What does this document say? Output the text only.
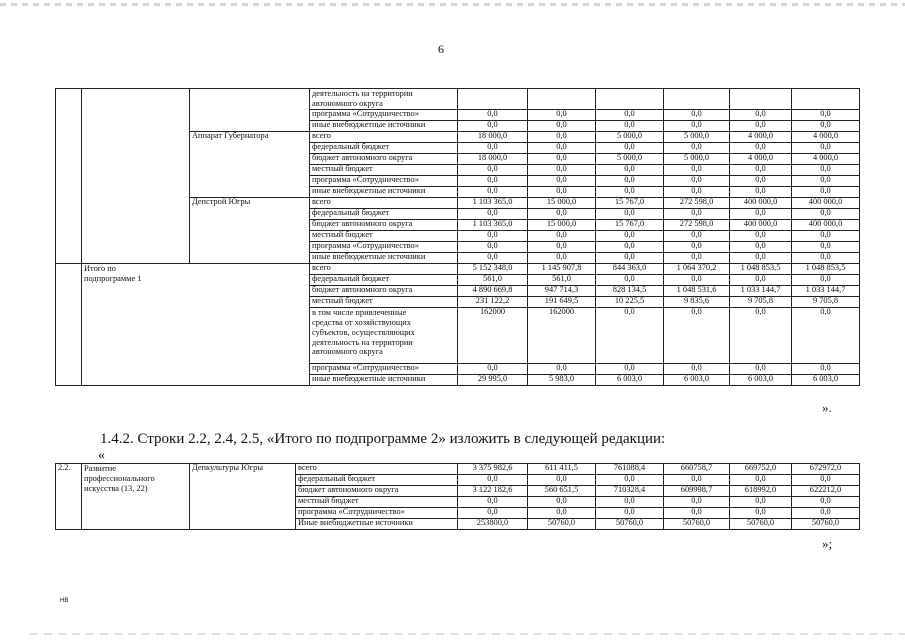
6
			деятельность на территории
автономного округа						
			программа «Сотрудничество»	0,0	0,0	0,0	0,0	0,0	0,0
			иные внебюджетные источники	0,0	0,0	0,0	0,0	0,0	0,0
		Аппарат Губернатора	всего	18 000,0	0,0	5 000,0	5 000,0	4 000,0	4 000,0
			федеральный бюджет	0,0	0,0	0,0	0,0	0,0	0,0
			бюджет автономного округа	18 000,0	0,0	5 000,0	5 000,0	4 000,0	4 000,0
			местный бюджет	0,0	0,0	0,0	0,0	0,0	0,0
			программа «Сотрудничество»	0,0	0,0	0,0	0,0	0,0	0,0
			иные внебюджетные источники	0,0	0,0	0,0	0,0	0,0	0,0
		Депстрой Югры	всего	1 103 365,0	15 000,0	15 767,0	272 598,0	400 000,0	400 000,0
			федеральный бюджет	0,0	0,0	0,0	0,0	0,0	0,0
			бюджет автономного округа	1 103 365,0	15 000,0	15 767,0	272 598,0	400 000,0	400 000,0
			местный бюджет	0,0	0,0	0,0	0,0	0,0	0,0
			программа «Сотрудничество»	0,0	0,0	0,0	0,0	0,0	0,0
			иные внебюджетные источники	0,0	0,0	0,0	0,0	0,0	0,0
	Итого по
подпрограмме 1		всего	5 152 348,0	1 145 907,8	844 363,0	1 064 370,2	1 048 853,5	1 048 853,5
			федеральный бюджет	561,0	561,0	0,0	0,0	0,0	0,0
			бюджет автономного округа	4 890 669,8	947 714,3	828 134,5	1 048 531,6	1 033 144,7	1 033 144,7
			местный бюджет	231 122,2	191 649,5	10 225,5	9 835,6	9 705,8	9 705,8
			в том числе привлеченные
средства от хозяйствующих
субъектов, осуществляющих
деятельность на территории
автономного округа	162000	162000	0,0	0,0	0,0	0,0
			программа «Сотрудничество»	0,0	0,0	0,0	0,0	0,0	0,0
			иные внебюджетные источники	29 995,0	5 983,0	6 003,0	6 003,0	6 003,0	6 003,0
».
1.4.2. Строки 2.2, 2.4, 2.5, «Итого по подпрограмме 2» изложить в следующей редакции:
«
2.2.	Развитие
профессионального
искусства (13, 22)	Депкультуры Югры	всего	3 375 982,6	611 411,5	761088,4	660758,7	669752,0	672972,0
			федеральный бюджет	0,0	0,0	0,0	0,0	0,0	0,0
			бюджет автономного округа	3 122 182,6	560 651,5	710328,4	609998,7	618992,0	622212,0
			местный бюджет	0,0	0,0	0,0	0,0	0,0	0,0
			программа «Сотрудничество»	0,0	0,0	0,0	0,0	0,0	0,0
			Иные внебюджетные источники	253800,0	50760,0	50760,0	50760,0	50760,0	50760,0
»;
HB
